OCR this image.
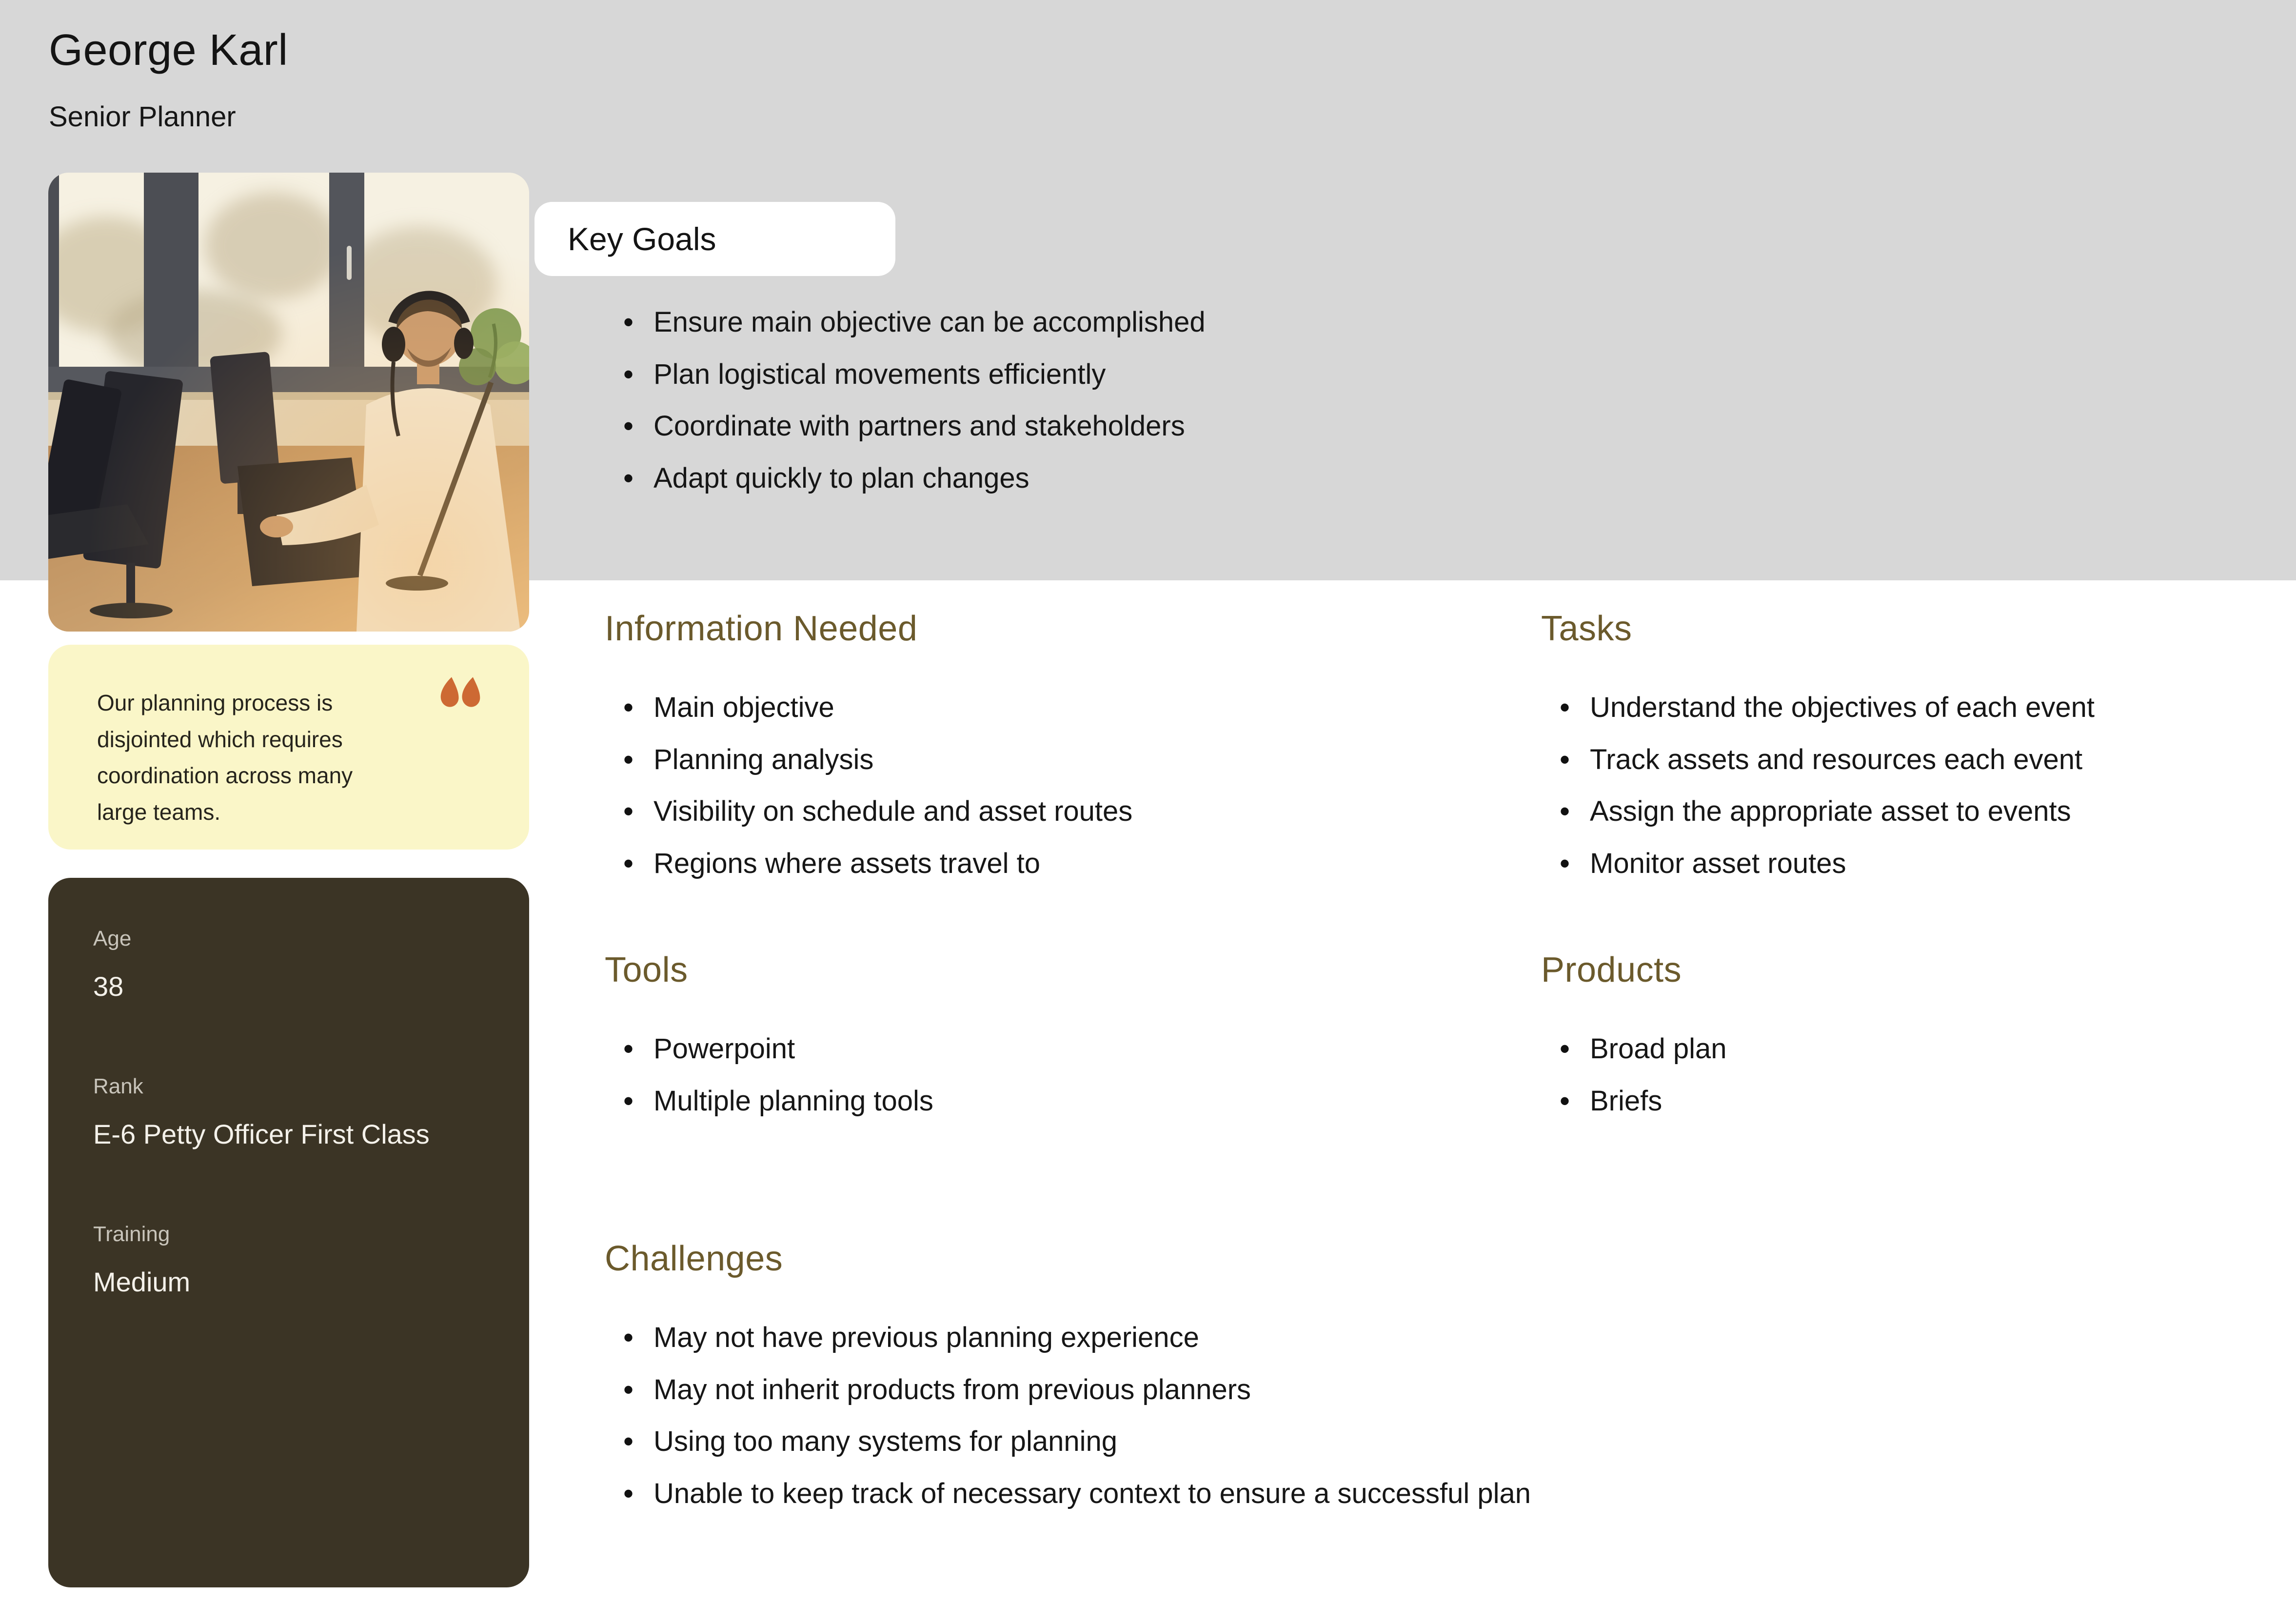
George Karl
Senior Planner
Key Goals
• Ensure main objective can be accomplished
• Plan logistical movements efficiently
• Coordinate with partners and stakeholders
• Adapt quickly to plan changes
Our planning process is disjointed which requires coordination across many large teams.
Age
38
Rank
E-6 Petty Officer First Class
Training
Medium
Information Needed
• Main objective
• Planning analysis
• Visibility on schedule and asset routes
• Regions where assets travel to
Tasks
• Understand the objectives of each event
• Track assets and resources each event
• Assign the appropriate asset to events
• Monitor asset routes
Tools
• Powerpoint
• Multiple planning tools
Products
• Broad plan
• Briefs
Challenges
• May not have previous planning experience
• May not inherit products from previous planners
• Using too many systems for planning
• Unable to keep track of necessary context to ensure a successful plan
